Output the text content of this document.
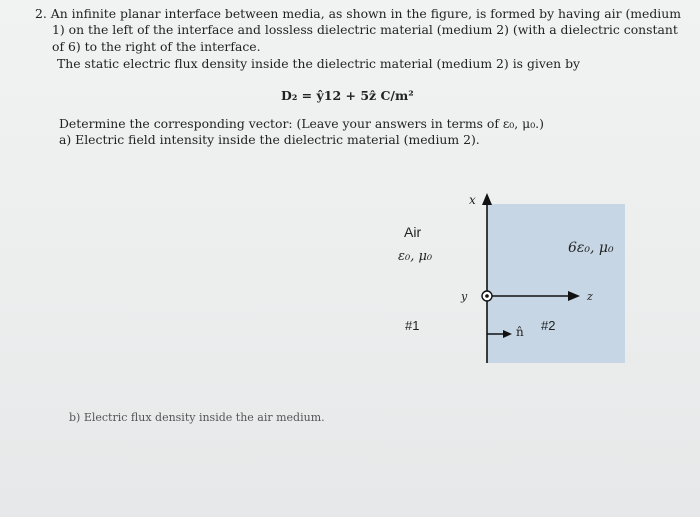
2. An infinite planar interface between media, as shown in the figure, is formed by having air (medium
1) on the left of the interface and lossless dielectric material (medium 2) (with a dielectric constant
of 6) to the right of the interface.
The static electric flux density inside the dielectric material (medium 2) is given by
D₂ = ŷ12 + 5ẑ C/m²
Determine the corresponding vector: (Leave your answers in terms of ε₀, μ₀.)
a) Electric field intensity inside the dielectric material (medium 2).
x
y	z
Air
ε₀, μ₀
#1
6ε₀, μ₀
#2
n̂
b) Electric flux density inside the air medium.
